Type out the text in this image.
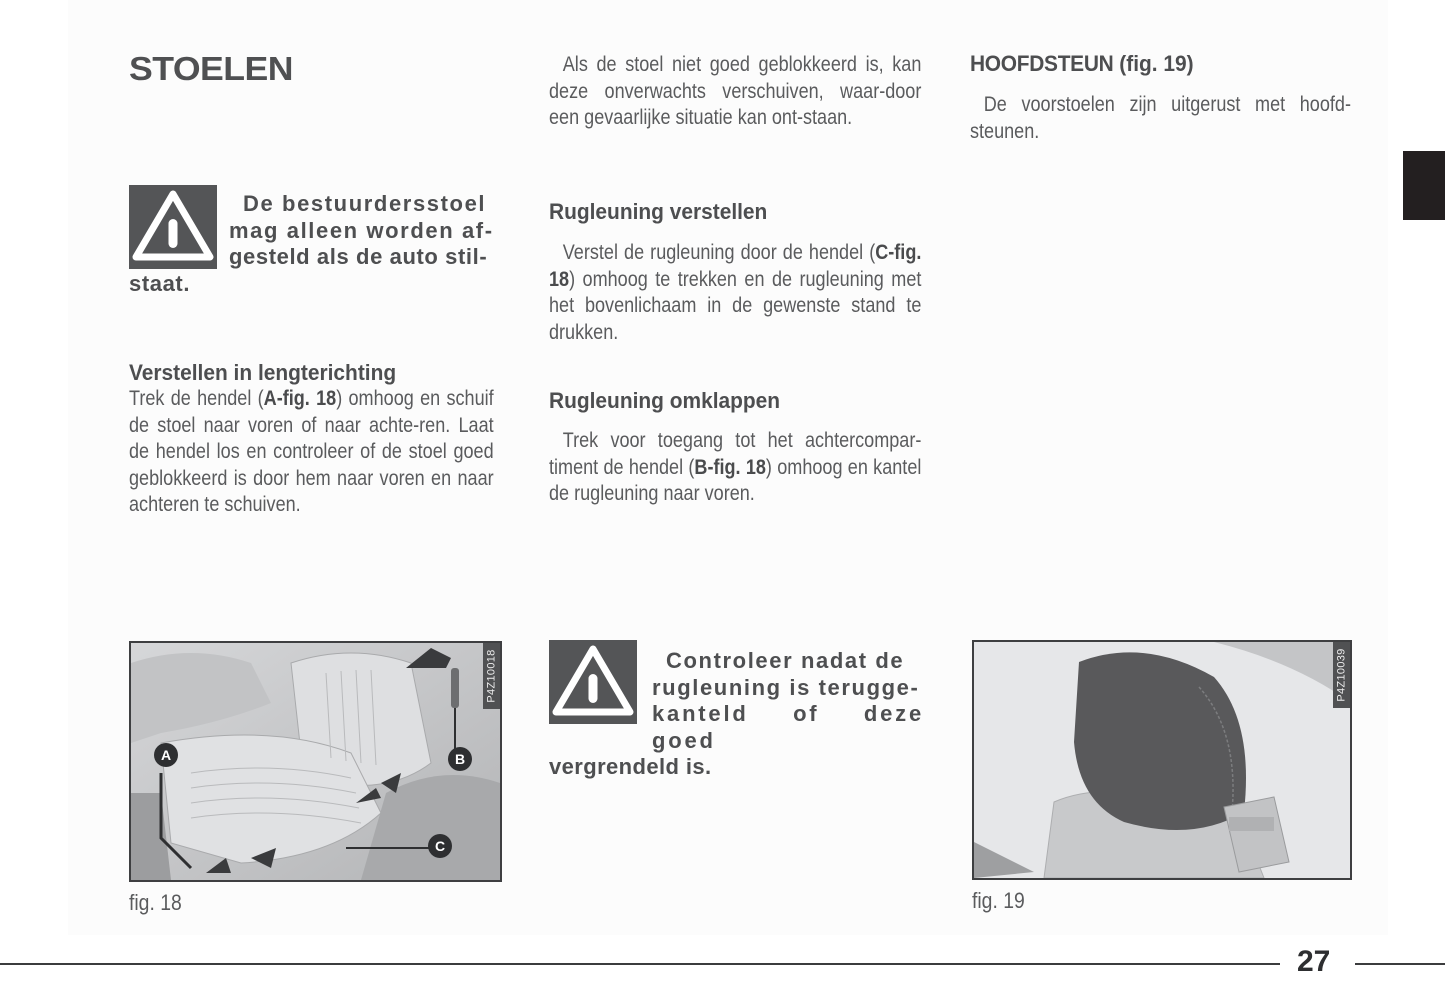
STOELEN
De bestuurdersstoel
mag alleen worden af-
gesteld als de auto stil-
staat.
Verstellen in lengterichting
Trek de hendel (A-fig. 18) omhoog en schuif de stoel naar voren of naar achte-ren. Laat de hendel los en controleer of de stoel goed geblokkeerd is door hem naar voren en naar achteren te schuiven.
A	B
C
P4Z10018
fig. 18
Als de stoel niet goed geblokkeerd is, kan deze onverwachts verschuiven, waar-door een gevaarlijke situatie kan ont-staan.
Rugleuning verstellen
Verstel de rugleuning door de hendel (C-fig. 18) omhoog te trekken en de rugleuning met het bovenlichaam in de gewenste stand te drukken.
Rugleuning omklappen
Trek voor toegang tot het achtercompar-timent de hendel (B-fig. 18) omhoog en kantel de rugleuning naar voren.
Controleer nadat de
rugleuning is terugge-
kanteld of deze goed
vergrendeld is.
HOOFDSTEUN (fig. 19)
De voorstoelen zijn uitgerust met hoofd-steunen.
P4Z10039
fig. 19
27
